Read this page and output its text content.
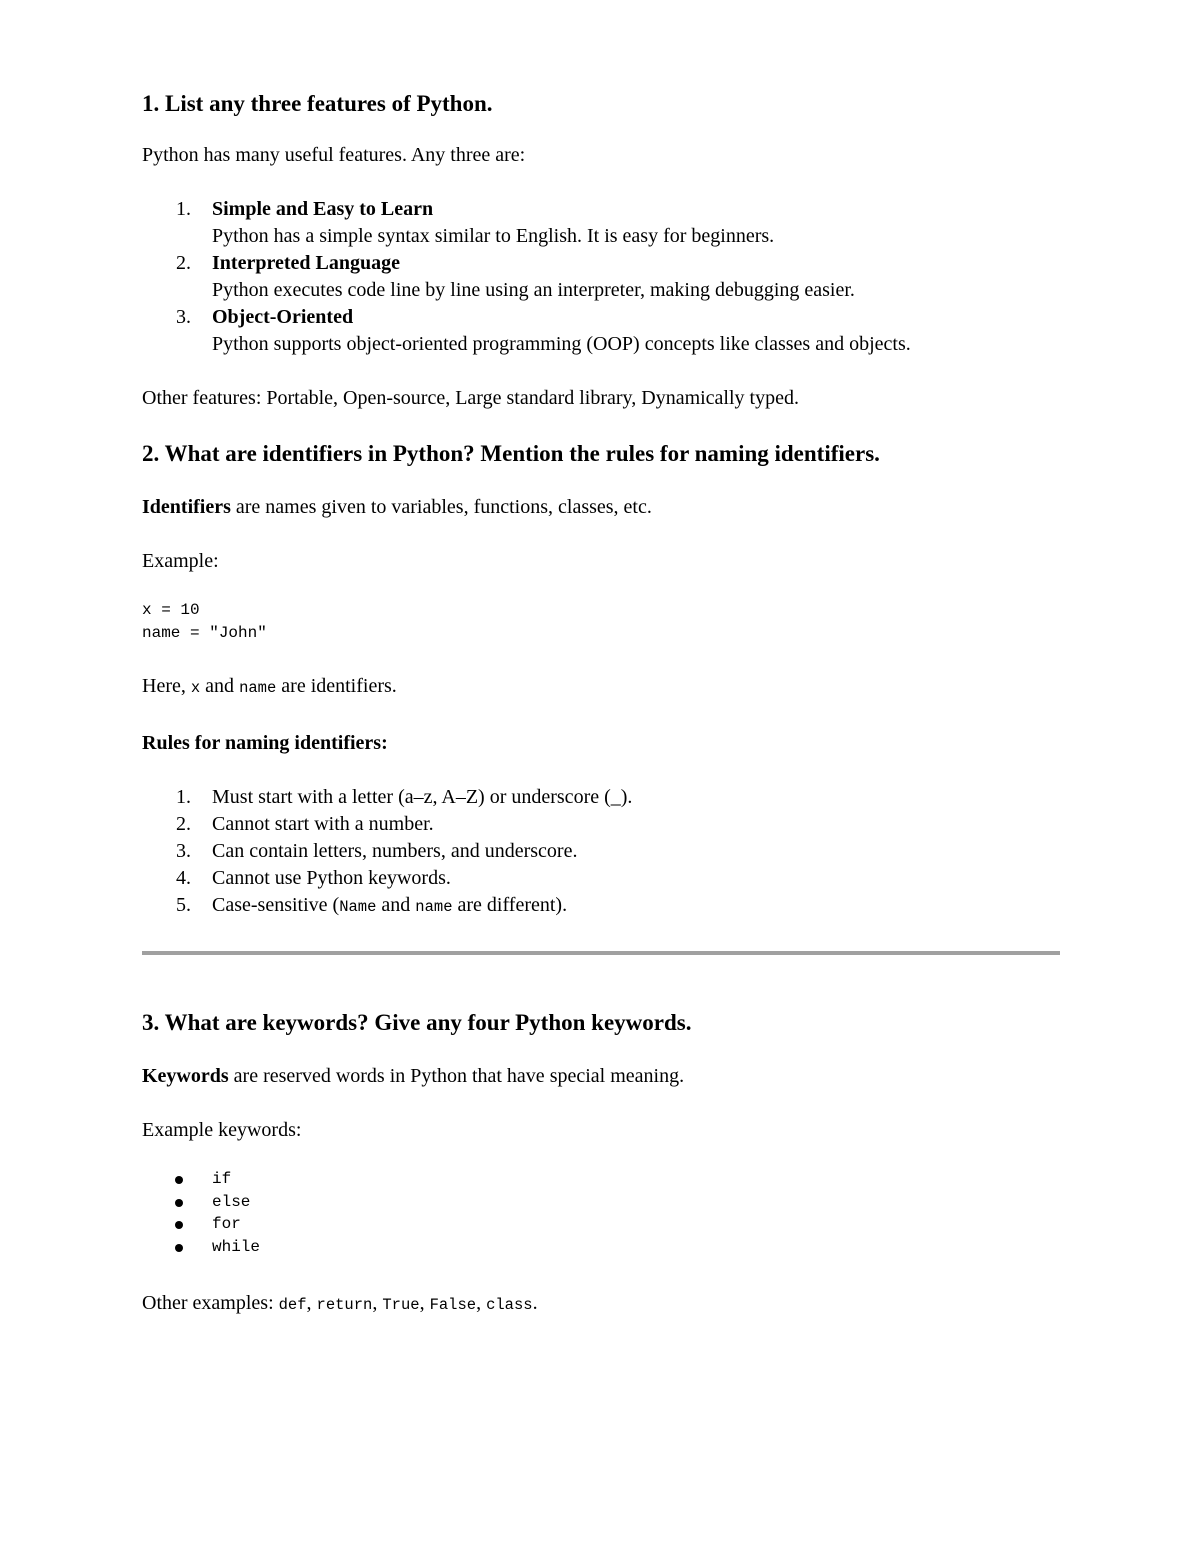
1. List any three features of Python.

Python has many useful features. Any three are:

1. Simple and Easy to Learn
Python has a simple syntax similar to English. It is easy for beginners.
2. Interpreted Language
Python executes code line by line using an interpreter, making debugging easier.
3. Object-Oriented
Python supports object-oriented programming (OOP) concepts like classes and objects.

Other features: Portable, Open-source, Large standard library, Dynamically typed.

2. What are identifiers in Python? Mention the rules for naming identifiers.

Identifiers are names given to variables, functions, classes, etc.

Example:

x = 10
name = "John"

Here, x and name are identifiers.

Rules for naming identifiers:

1. Must start with a letter (a–z, A–Z) or underscore (_).
2. Cannot start with a number.
3. Can contain letters, numbers, and underscore.
4. Cannot use Python keywords.
5. Case-sensitive (Name and name are different).
3. What are keywords? Give any four Python keywords.

Keywords are reserved words in Python that have special meaning.

Example keywords:

if
else
for
while

Other examples: def, return, True, False, class.
